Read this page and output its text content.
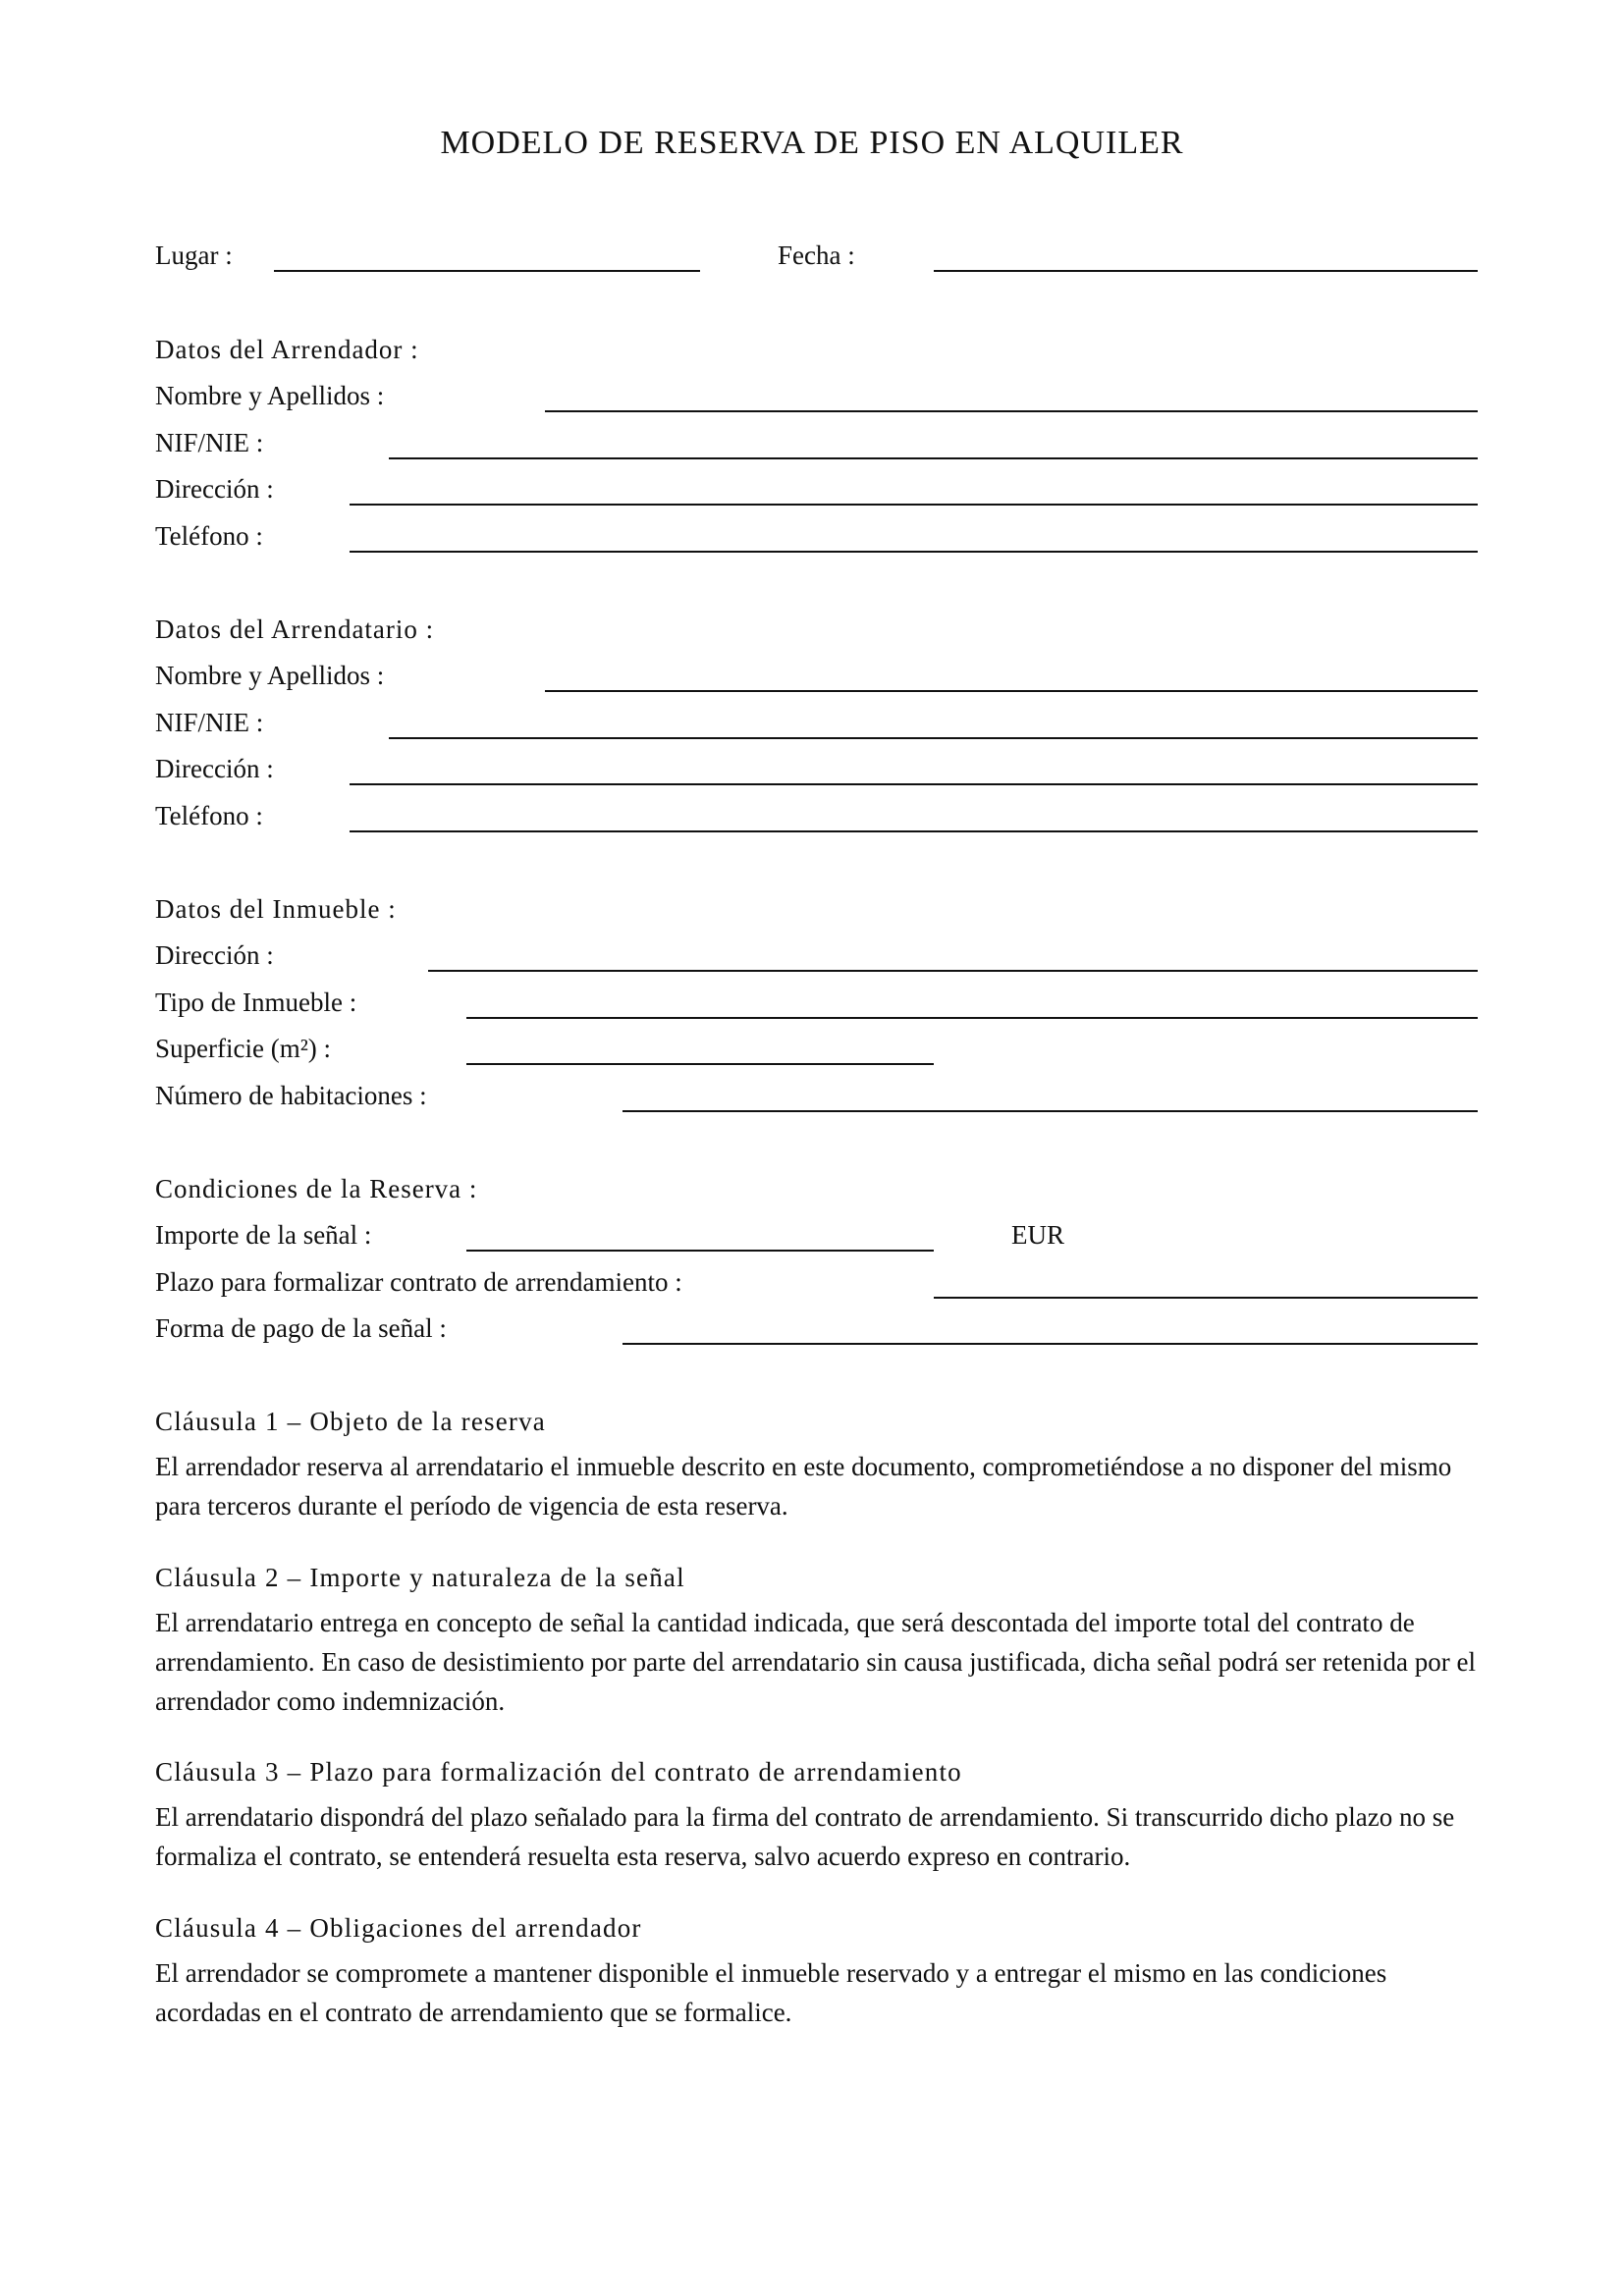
MODELO DE RESERVA DE PISO EN ALQUILER
Lugar :	Fecha :
Datos del Arrendador :
Nombre y Apellidos :
NIF/NIE :
Dirección :
Teléfono :
Datos del Arrendatario :
Nombre y Apellidos :
NIF/NIE :
Dirección :
Teléfono :
Datos del Inmueble :
Dirección :
Tipo de Inmueble :
Superficie (m²) :
Número de habitaciones :
Condiciones de la Reserva :
Importe de la señal :	EUR
Plazo para formalizar contrato de arrendamiento :
Forma de pago de la señal :
Cláusula 1 – Objeto de la reserva
El arrendador reserva al arrendatario el inmueble descrito en este documento, comprometiéndose a no disponer del mismo para terceros durante el período de vigencia de esta reserva.
Cláusula 2 – Importe y naturaleza de la señal
El arrendatario entrega en concepto de señal la cantidad indicada, que será descontada del importe total del contrato de arrendamiento. En caso de desistimiento por parte del arrendatario sin causa justificada, dicha señal podrá ser retenida por el arrendador como indemnización.
Cláusula 3 – Plazo para formalización del contrato de arrendamiento
El arrendatario dispondrá del plazo señalado para la firma del contrato de arrendamiento. Si transcurrido dicho plazo no se formaliza el contrato, se entenderá resuelta esta reserva, salvo acuerdo expreso en contrario.
Cláusula 4 – Obligaciones del arrendador
El arrendador se compromete a mantener disponible el inmueble reservado y a entregar el mismo en las condiciones acordadas en el contrato de arrendamiento que se formalice.
